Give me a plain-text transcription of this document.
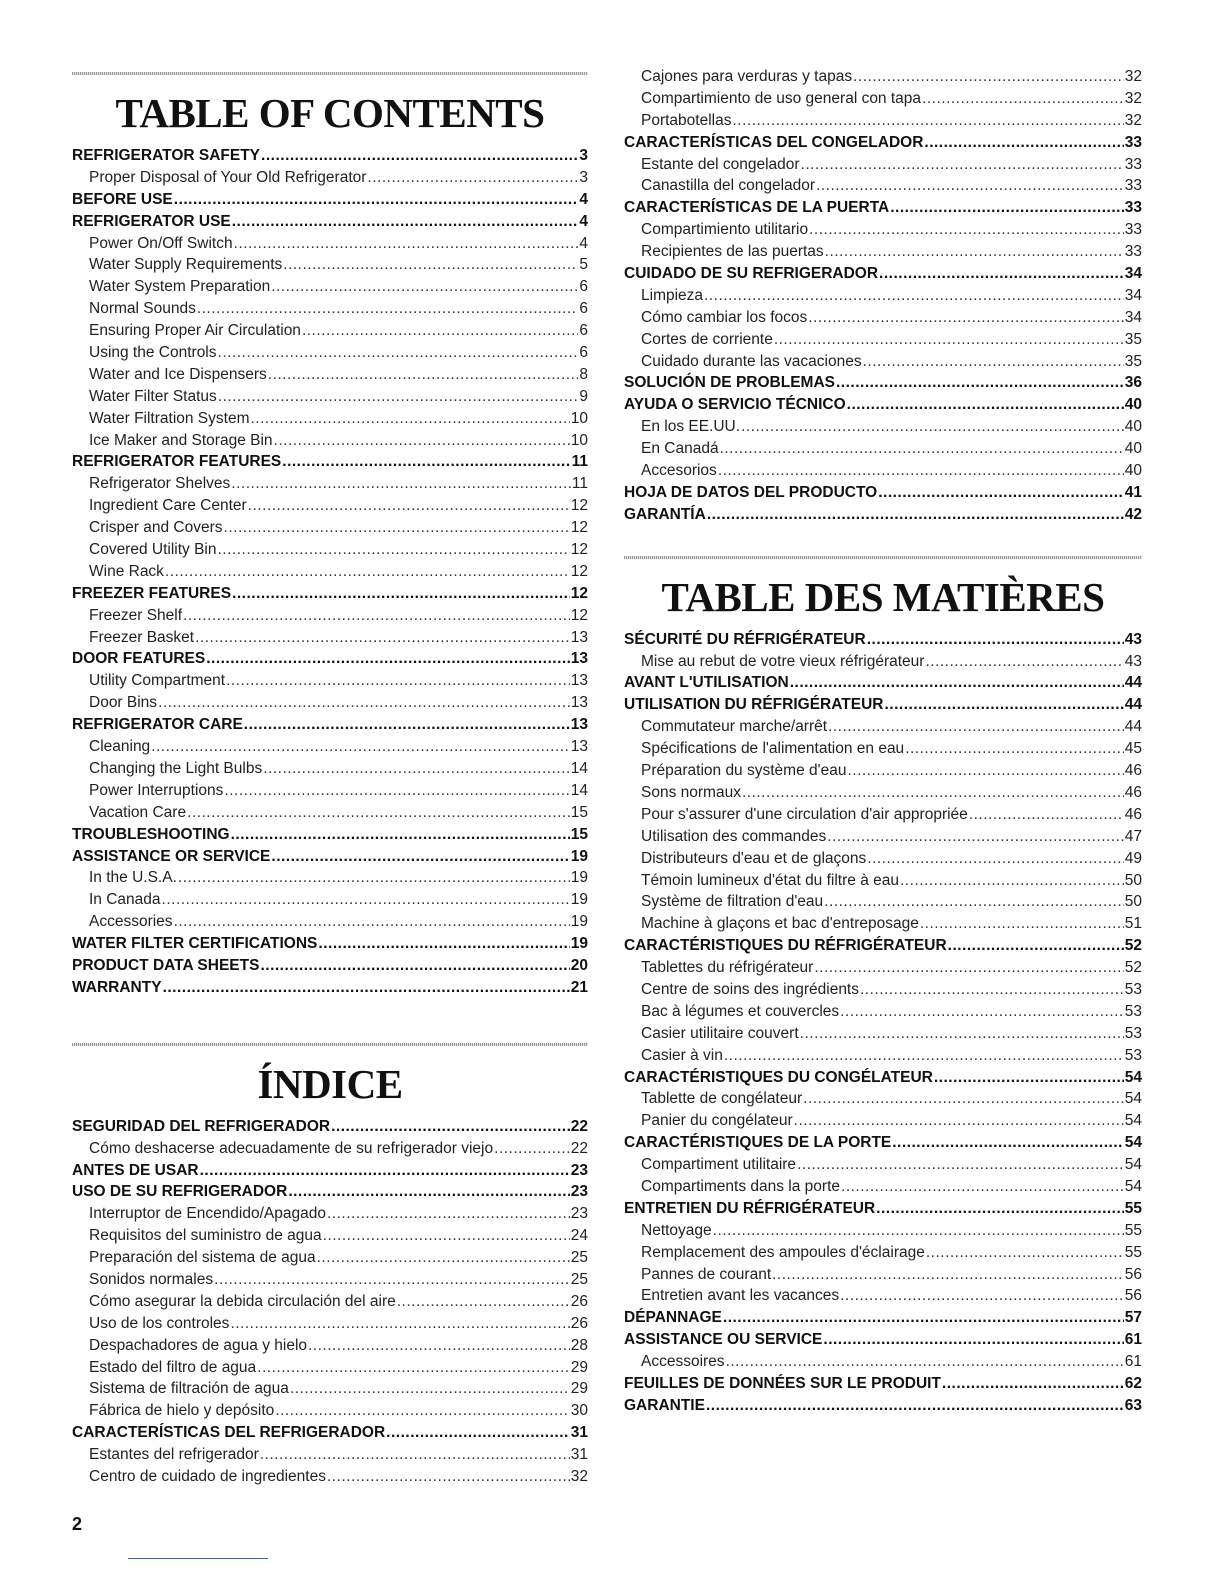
TABLE OF CONTENTS
REFRIGERATOR SAFETY .....	3
Proper Disposal of Your Old Refrigerator .....	3
BEFORE USE .....	4
REFRIGERATOR USE .....	4
Power On/Off Switch .....	4
Water Supply Requirements .....	5
Water System Preparation .....	6
Normal Sounds .....	6
Ensuring Proper Air Circulation .....	6
Using the Controls .....	6
Water and Ice Dispensers .....	8
Water Filter Status .....	9
Water Filtration System .....	10
Ice Maker and Storage Bin .....	10
REFRIGERATOR FEATURES .....	11
Refrigerator Shelves .....	11
Ingredient Care Center .....	12
Crisper and Covers .....	12
Covered Utility Bin .....	12
Wine Rack .....	12
FREEZER FEATURES .....	12
Freezer Shelf .....	12
Freezer Basket .....	13
DOOR FEATURES .....	13
Utility Compartment .....	13
Door Bins .....	13
REFRIGERATOR CARE .....	13
Cleaning .....	13
Changing the Light Bulbs .....	14
Power Interruptions .....	14
Vacation Care .....	15
TROUBLESHOOTING .....	15
ASSISTANCE OR SERVICE .....	19
In the U.S.A. .....	19
In Canada .....	19
Accessories .....	19
WATER FILTER CERTIFICATIONS .....	19
PRODUCT DATA SHEETS .....	20
WARRANTY .....	21
ÍNDICE
SEGURIDAD DEL REFRIGERADOR .....	22
Cómo deshacerse adecuadamente de su refrigerador viejo .....	22
ANTES DE USAR .....	23
USO DE SU REFRIGERADOR .....	23
Interruptor de Encendido/Apagado .....	23
Requisitos del suministro de agua .....	24
Preparación del sistema de agua .....	25
Sonidos normales .....	25
Cómo asegurar la debida circulación del aire .....	26
Uso de los controles .....	26
Despachadores de agua y hielo .....	28
Estado del filtro de agua .....	29
Sistema de filtración de agua .....	29
Fábrica de hielo y depósito .....	30
CARACTERÍSTICAS DEL REFRIGERADOR .....	31
Estantes del refrigerador .....	31
Centro de cuidado de ingredientes .....	32
Cajones para verduras y tapas .....	32
Compartimiento de uso general con tapa .....	32
Portabotellas .....	32
CARACTERÍSTICAS DEL CONGELADOR .....	33
Estante del congelador .....	33
Canastilla del congelador .....	33
CARACTERÍSTICAS DE LA PUERTA .....	33
Compartimiento utilitario .....	33
Recipientes de las puertas .....	33
CUIDADO DE SU REFRIGERADOR .....	34
Limpieza .....	34
Cómo cambiar los focos .....	34
Cortes de corriente .....	35
Cuidado durante las vacaciones .....	35
SOLUCIÓN DE PROBLEMAS .....	36
AYUDA O SERVICIO TÉCNICO .....	40
En los EE.UU. .....	40
En Canadá .....	40
Accesorios .....	40
HOJA DE DATOS DEL PRODUCTO .....	41
GARANTÍA .....	42
TABLE DES MATIÈRES
SÉCURITÉ DU RÉFRIGÉRATEUR .....	43
Mise au rebut de votre vieux réfrigérateur .....	43
AVANT L'UTILISATION .....	44
UTILISATION DU RÉFRIGÉRATEUR .....	44
Commutateur marche/arrêt .....	44
Spécifications de l'alimentation en eau .....	45
Préparation du système d'eau .....	46
Sons normaux .....	46
Pour s'assurer d'une circulation d'air appropriée .....	46
Utilisation des commandes .....	47
Distributeurs d'eau et de glaçons .....	49
Témoin lumineux d'état du filtre à eau .....	50
Système de filtration d'eau .....	50
Machine à glaçons et bac d'entreposage .....	51
CARACTÉRISTIQUES DU RÉFRIGÉRATEUR .....	52
Tablettes du réfrigérateur .....	52
Centre de soins des ingrédients .....	53
Bac à légumes et couvercles .....	53
Casier utilitaire couvert .....	53
Casier à vin .....	53
CARACTÉRISTIQUES DU CONGÉLATEUR .....	54
Tablette de congélateur .....	54
Panier du congélateur .....	54
CARACTÉRISTIQUES DE LA PORTE .....	54
Compartiment utilitaire .....	54
Compartiments dans la porte .....	54
ENTRETIEN DU RÉFRIGÉRATEUR .....	55
Nettoyage .....	55
Remplacement des ampoules d'éclairage .....	55
Pannes de courant .....	56
Entretien avant les vacances .....	56
DÉPANNAGE .....	57
ASSISTANCE OU SERVICE .....	61
Accessoires .....	61
FEUILLES DE DONNÉES SUR LE PRODUIT .....	62
GARANTIE .....	63
2
